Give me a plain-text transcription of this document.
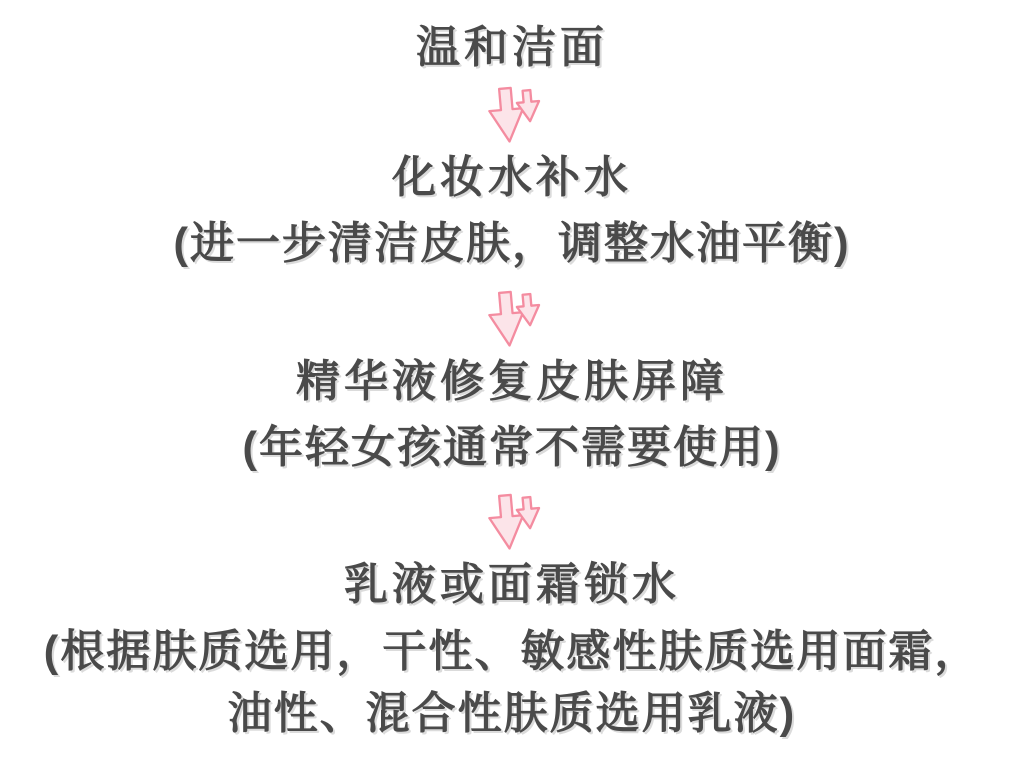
温和洁面
化妆水补水
(进一步清洁皮肤，调整水油平衡)
精华液修复皮肤屏障
(年轻女孩通常不需要使用)
乳液或面霜锁水
(根据肤质选用，干性、敏感性肤质选用面霜，
油性、混合性肤质选用乳液)
